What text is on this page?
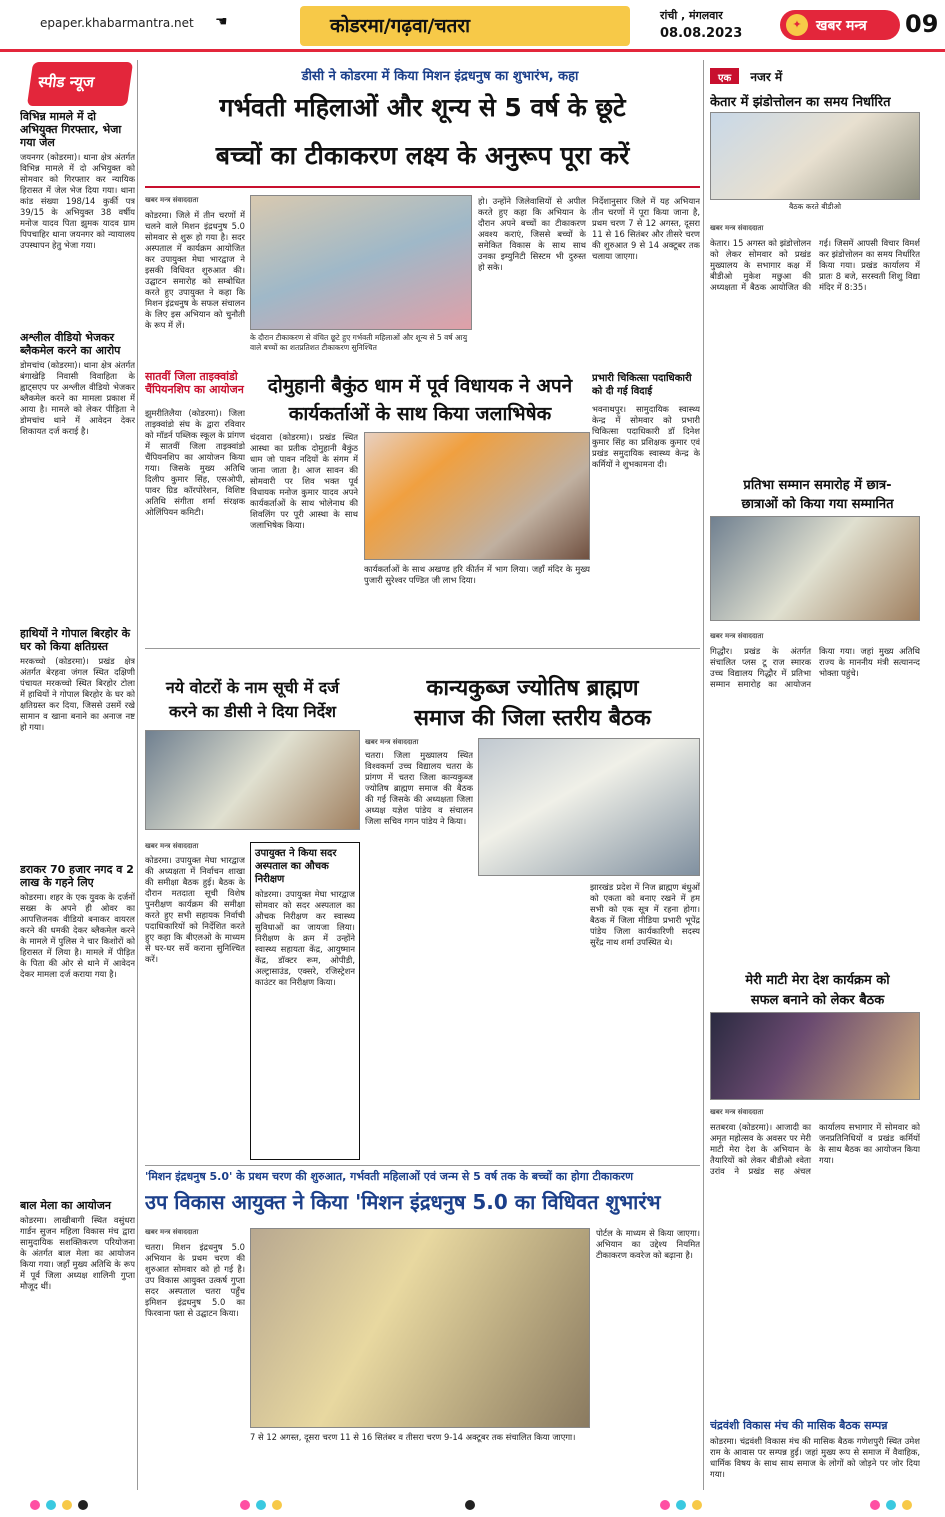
epaper.khabarmantra.net ☚	कोडरमा/गढ़वा/चतरा	रांची , मंगलवार
08.08.2023	खबर मन्त्र
✦	09
स्पीड न्यूज
विभिन्न मामले में दो अभियुक्त गिरफ्तार, भेजा गया जेल
जयनगर (कोडरमा)। थाना क्षेत्र अंतर्गत विभिन्न मामले में दो अभियुक्त को सोमवार को गिरफ्तार कर न्यायिक हिरासत में जेल भेज दिया गया। थाना कांड संख्या 198/14 कुर्की पत्र 39/15 के अभियुक्त 38 वर्षीय मनोज यादव पिता झुमक यादव ग्राम पिपचाहिर थाना जयनगर को न्यायालय उपस्थापन हेतु भेजा गया।
अश्लील वीडियो भेजकर ब्लैकमेल करने का आरोप
डोमचांच (कोडरमा)। थाना क्षेत्र अंतर्गत बंगाखेड़ि निवासी विवाहिता के ह्वाट्सएप पर अश्लील वीडियो भेजकर ब्लैकमेल करने का मामला प्रकाश में आया है। मामले को लेकर पीड़िता ने डोमचांच थाने में आवेदन देकर शिकायत दर्ज कराई है।
हाथियों ने गोपाल बिरहोर के घर को किया क्षतिग्रस्त
मरकच्चो (कोडरमा)। प्रखंड क्षेत्र अंतर्गत बेरहवा जंगल स्थित दक्षिणी पंचायत मरकच्चो स्थित बिरहोर टोला में हाथियों ने गोपाल बिरहोर के घर को क्षतिग्रस्त कर दिया, जिससे उसमें रखे सामान व खाना बनाने का अनाज नष्ट हो गया।
डराकर 70 हजार नगद व 2 लाख के गहने लिए
कोडरमा। शहर के एक युवक के दर्जनों सख्स के अपने ही ओवर का आपत्तिजनक वीडियो बनाकर वायरल करने की धमकी देकर ब्लैकमेल करने के मामले में पुलिस ने चार किशोरों को हिरासत में लिया है। मामले में पीड़ित के पिता की ओर से थाने में आवेदन देकर मामला दर्ज कराया गया है।
बाल मेला का आयोजन
कोडरमा। लाखीबागी स्थित वसुंधरा गार्डन सुजन महिला विकास मंच द्वारा सामुदायिक सशक्तिकरण परियोजना के अंतर्गत बाल मेला का आयोजन किया गया। जहाँ मुख्य अतिथि के रूप में पूर्व जिला अध्यक्ष शालिनी गुप्ता मौजूद थीं।
डीसी ने कोडरमा में किया मिशन इंद्रधनुष का शुभारंभ, कहा
गर्भवती महिलाओं और शून्य से 5 वर्ष के छूटे
बच्चों का टीकाकरण लक्ष्य के अनुरूप पूरा करें
खबर मन्त्र संवाददाता
कोडरमा। जिले में तीन चरणों में चलने वाले मिशन इंद्रधनुष 5.0 सोमवार से शुरू हो गया है। सदर अस्पताल में कार्यक्रम आयोजित कर उपायुक्त मेघा भारद्वाज ने इसकी विधिवत शुरुआत की। उद्घाटन समारोह को सम्बोधित करते हुए उपायुक्त ने कहा कि मिशन इंद्रधनुष के सफल संचालन के लिए इस अभियान को चुनौती के रूप में लें।
के दौरान टीकाकरण से वंचित छूटे हुए गर्भवती महिलाओं और शून्य से 5 वर्ष आयु वाले बच्चों का शतप्रतिशत टीकाकरण सुनिश्चित
हो। उन्होंने जिलेवासियों से अपील करते हुए कहा कि अभियान के दौरान अपने बच्चों का टीकाकरण अवश्य कराएं, जिससे बच्चों के समेकित विकास के साथ साथ उनका इम्युनिटी सिस्टम भी दुरुस्त हो सके।
निर्देशानुसार जिले में यह अभियान तीन चरणों में पूरा किया जाना है, प्रथम चरण 7 से 12 अगस्त, दूसरा 11 से 16 सितंबर और तीसरे चरण की शुरुआत 9 से 14 अक्टूबर तक चलाया जाएगा।
सातवीं जिला ताइक्वांडो चैंपियनशिप का आयोजन
झुमरीतिलैया (कोडरमा)। जिला ताइक्वांडो संघ के द्वारा रविवार को मॉडर्न पब्लिक स्कूल के प्रांगण में सातवीं जिला ताइक्वांडो चैंपियनशिप का आयोजन किया गया। जिसके मुख्य अतिथि दिलीप कुमार सिंह, एसओपी, पावर ग्रिड कॉरपोरेशन, विशिष्ट अतिथि संगीता शर्मा संरक्षक ओलिंपियन कमिटी।
दोमुहानी बैकुंठ धाम में पूर्व विधायक ने अपने
कार्यकर्ताओं के साथ किया जलाभिषेक
चंदवारा (कोडरमा)। प्रखंड स्थित आस्था का प्रतीक दोमुहानी बैकुंठ धाम जो पावन नदियों के संगम में जाना जाता है। आज सावन की सोमवारी पर शिव भक्त पूर्व विधायक मनोज कुमार यादव अपने कार्यकर्ताओं के साथ भोलेनाथ की शिवलिंग पर पूरी आस्था के साथ जलाभिषेक किया।
कार्यकर्ताओं के साथ अखण्ड हरि कीर्तन में भाग लिया। जहाँ मंदिर के मुख्य पुजारी सुरेश्वर पण्डित जी लाभ दिया।
प्रभारी चिकित्सा पदाधिकारी को दी गई विदाई
भवनाथपुर। सामुदायिक स्वास्थ्य केन्द्र में सोमवार को प्रभारी चिकित्सा पदाधिकारी डॉ दिनेश कुमार सिंह का प्रशिक्षक कुमार एवं प्रखंड समुदायिक स्वास्थ्य केन्द्र के कर्मियों ने शुभकामना दी।
नये वोटरों के नाम सूची में दर्ज
करने का डीसी ने दिया निर्देश
खबर मन्त्र संवाददाता
कोडरमा। उपायुक्त मेघा भारद्वाज की अध्यक्षता में निर्वाचन शाखा की समीक्षा बैठक हुई। बैठक के दौरान मतदाता सूची विशेष पुनरीक्षण कार्यक्रम की समीक्षा करते हुए सभी सहायक निर्वाची पदाधिकारियों को निर्देशित करते हुए कहा कि बीएलओ के माध्यम से घर-घर सर्वे कराना सुनिश्चित करें।
उपायुक्त ने किया सदर अस्पताल का औचक निरीक्षण
कोडरमा। उपायुक्त मेघा भारद्वाज सोमवार को सदर अस्पताल का औचक निरीक्षण कर स्वास्थ्य सुविधाओं का जायजा लिया। निरीक्षण के क्रम में उन्होंने स्वास्थ्य सहायता केंद्र, आयुष्मान केंद्र, डॉक्टर रूम, ओपीडी, अल्ट्रासाउंड, एक्सरे, रजिस्ट्रेशन काउंटर का निरीक्षण किया।
कान्यकुब्ज ज्योतिष ब्राह्मण
समाज की जिला स्तरीय बैठक
खबर मन्त्र संवाददाता
चतरा। जिला मुख्यालय स्थित विश्वकर्मा उच्च विद्यालय चतरा के प्रांगण में चतरा जिला कान्यकुब्ज ज्योतिष ब्राह्मण समाज की बैठक की गई जिसके की अध्यक्षता जिला अध्यक्ष यज्ञेश पांडेय व संचालन जिला सचिव गगन पांडेय ने किया।
झारखंड प्रदेश में निज ब्राह्मण बंधुओं को एकता को बनाए रखने में हम सभी को एक सूत्र में रहना होगा। बैठक में जिला मीडिया प्रभारी भूपेंद्र पांडेय जिला कार्यकारिणी सदस्य सुरेंद्र नाथ शर्मा उपस्थित थे।
'मिशन इंद्रधनुष 5.0' के प्रथम चरण की शुरुआत, गर्भवती महिलाओं एवं जन्म से 5 वर्ष तक के बच्चों का होगा टीकाकरण
उप विकास आयुक्त ने किया 'मिशन इंद्रधनुष 5.0 का विधिवत शुभारंभ
खबर मन्त्र संवाददाता
चतरा। मिशन इंद्रधनुष 5.0 अभियान के प्रथम चरण की शुरुआत सोमवार को हो गई है। उप विकास आयुक्त उत्कर्ष गुप्ता सदर अस्पताल चतरा पहुँच इमिशन इंद्रधनुष 5.0 का फिरवाना फ्ता से उद्घाटन किया।
7 से 12 अगस्त, दूसरा चरण 11 से 16 सितंबर व तीसरा चरण 9-14 अक्टूबर तक संचालित किया जाएगा।
पोर्टल के माध्यम से किया जाएगा। अभियान का उद्देश्य नियमित टीकाकरण कवरेज को बढ़ाना है।
एक नजर में
केतार में झंडोत्तोलन का समय निर्धारित
बैठक करते बीडीओ
खबर मन्त्र संवाददाता
केतार। 15 अगस्त को झंडोत्तोलन को लेकर सोमवार को प्रखंड मुख्यालय के सभागार कक्ष में बीडीओ मुकेश मछुआ की अध्यक्षता में बैठक आयोजित की गई। जिसमें आपसी विचार विमर्श कर झंडोत्तोलन का समय निर्धारित किया गया। प्रखंड कार्यालय में प्रातः 8 बजे, सरस्वती शिशु विद्या मंदिर में 8:35।
प्रतिभा सम्मान समारोह में छात्र-
छात्राओं को किया गया सम्मानित
खबर मन्त्र संवाददाता
गिद्धौर। प्रखंड के अंतर्गत संचालित प्लस टू राज स्मारक उच्च विद्यालय गिद्धौर में प्रतिभा सम्मान समारोह का आयोजन किया गया। जहां मुख्य अतिथि राज्य के माननीय मंत्री सत्यानन्द भोक्ता पहुंचे।
मेरी माटी मेरा देश कार्यक्रम को
सफल बनाने को लेकर बैठक
खबर मन्त्र संवाददाता
सतबरवा (कोडरमा)। आजादी का अमृत महोत्सव के अवसर पर मेरी माटी मेरा देश के अभियान के तैयारियों को लेकर बीडीओ श्वेता उरांव ने प्रखंड सह अंचल कार्यालय सभागार में सोमवार को जनप्रतिनिधियों व प्रखंड कर्मियों के साथ बैठक का आयोजन किया गया।
चंद्रवंशी विकास मंच की मासिक बैठक सम्पन्न
कोडरमा। चंद्रवंशी विकास मंच की मासिक बैठक गणेशपुरी स्थित उमेश राम के आवास पर सम्पन्न हुई। जहां मुख्य रूप से समाज में वैवाहिक, धार्मिक विषय के साथ साथ समाज के लोगों को जोड़ने पर जोर दिया गया।
